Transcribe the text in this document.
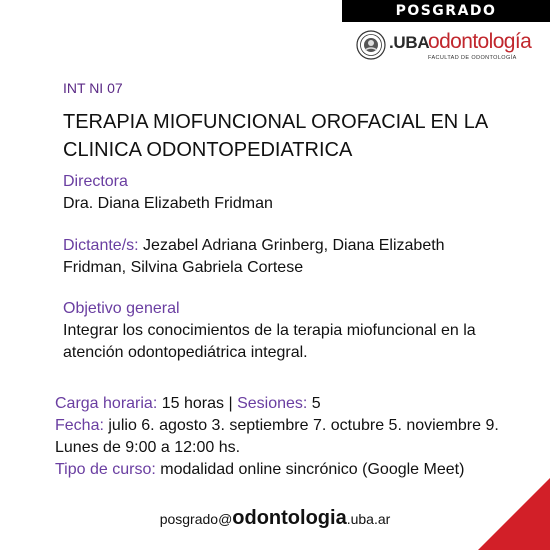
POSGRADO
.UBA
odontología
FACULTAD DE ODONTOLOGÍA
INT NI 07
TERAPIA MIOFUNCIONAL OROFACIAL EN LA CLINICA ODONTOPEDIATRICA
Directora
Dra. Diana Elizabeth Fridman
Dictante/s: Jezabel Adriana Grinberg, Diana Elizabeth Fridman, Silvina Gabriela Cortese
Objetivo general
Integrar los conocimientos de la terapia miofuncional en la atención odontopediátrica integral.
Carga horaria: 15 horas | Sesiones: 5
Fecha: julio 6. agosto 3. septiembre 7. octubre 5. noviembre 9. Lunes de 9:00 a 12:00 hs.
Tipo de curso: modalidad online sincrónico (Google Meet)
posgrado@odontologia.uba.ar
